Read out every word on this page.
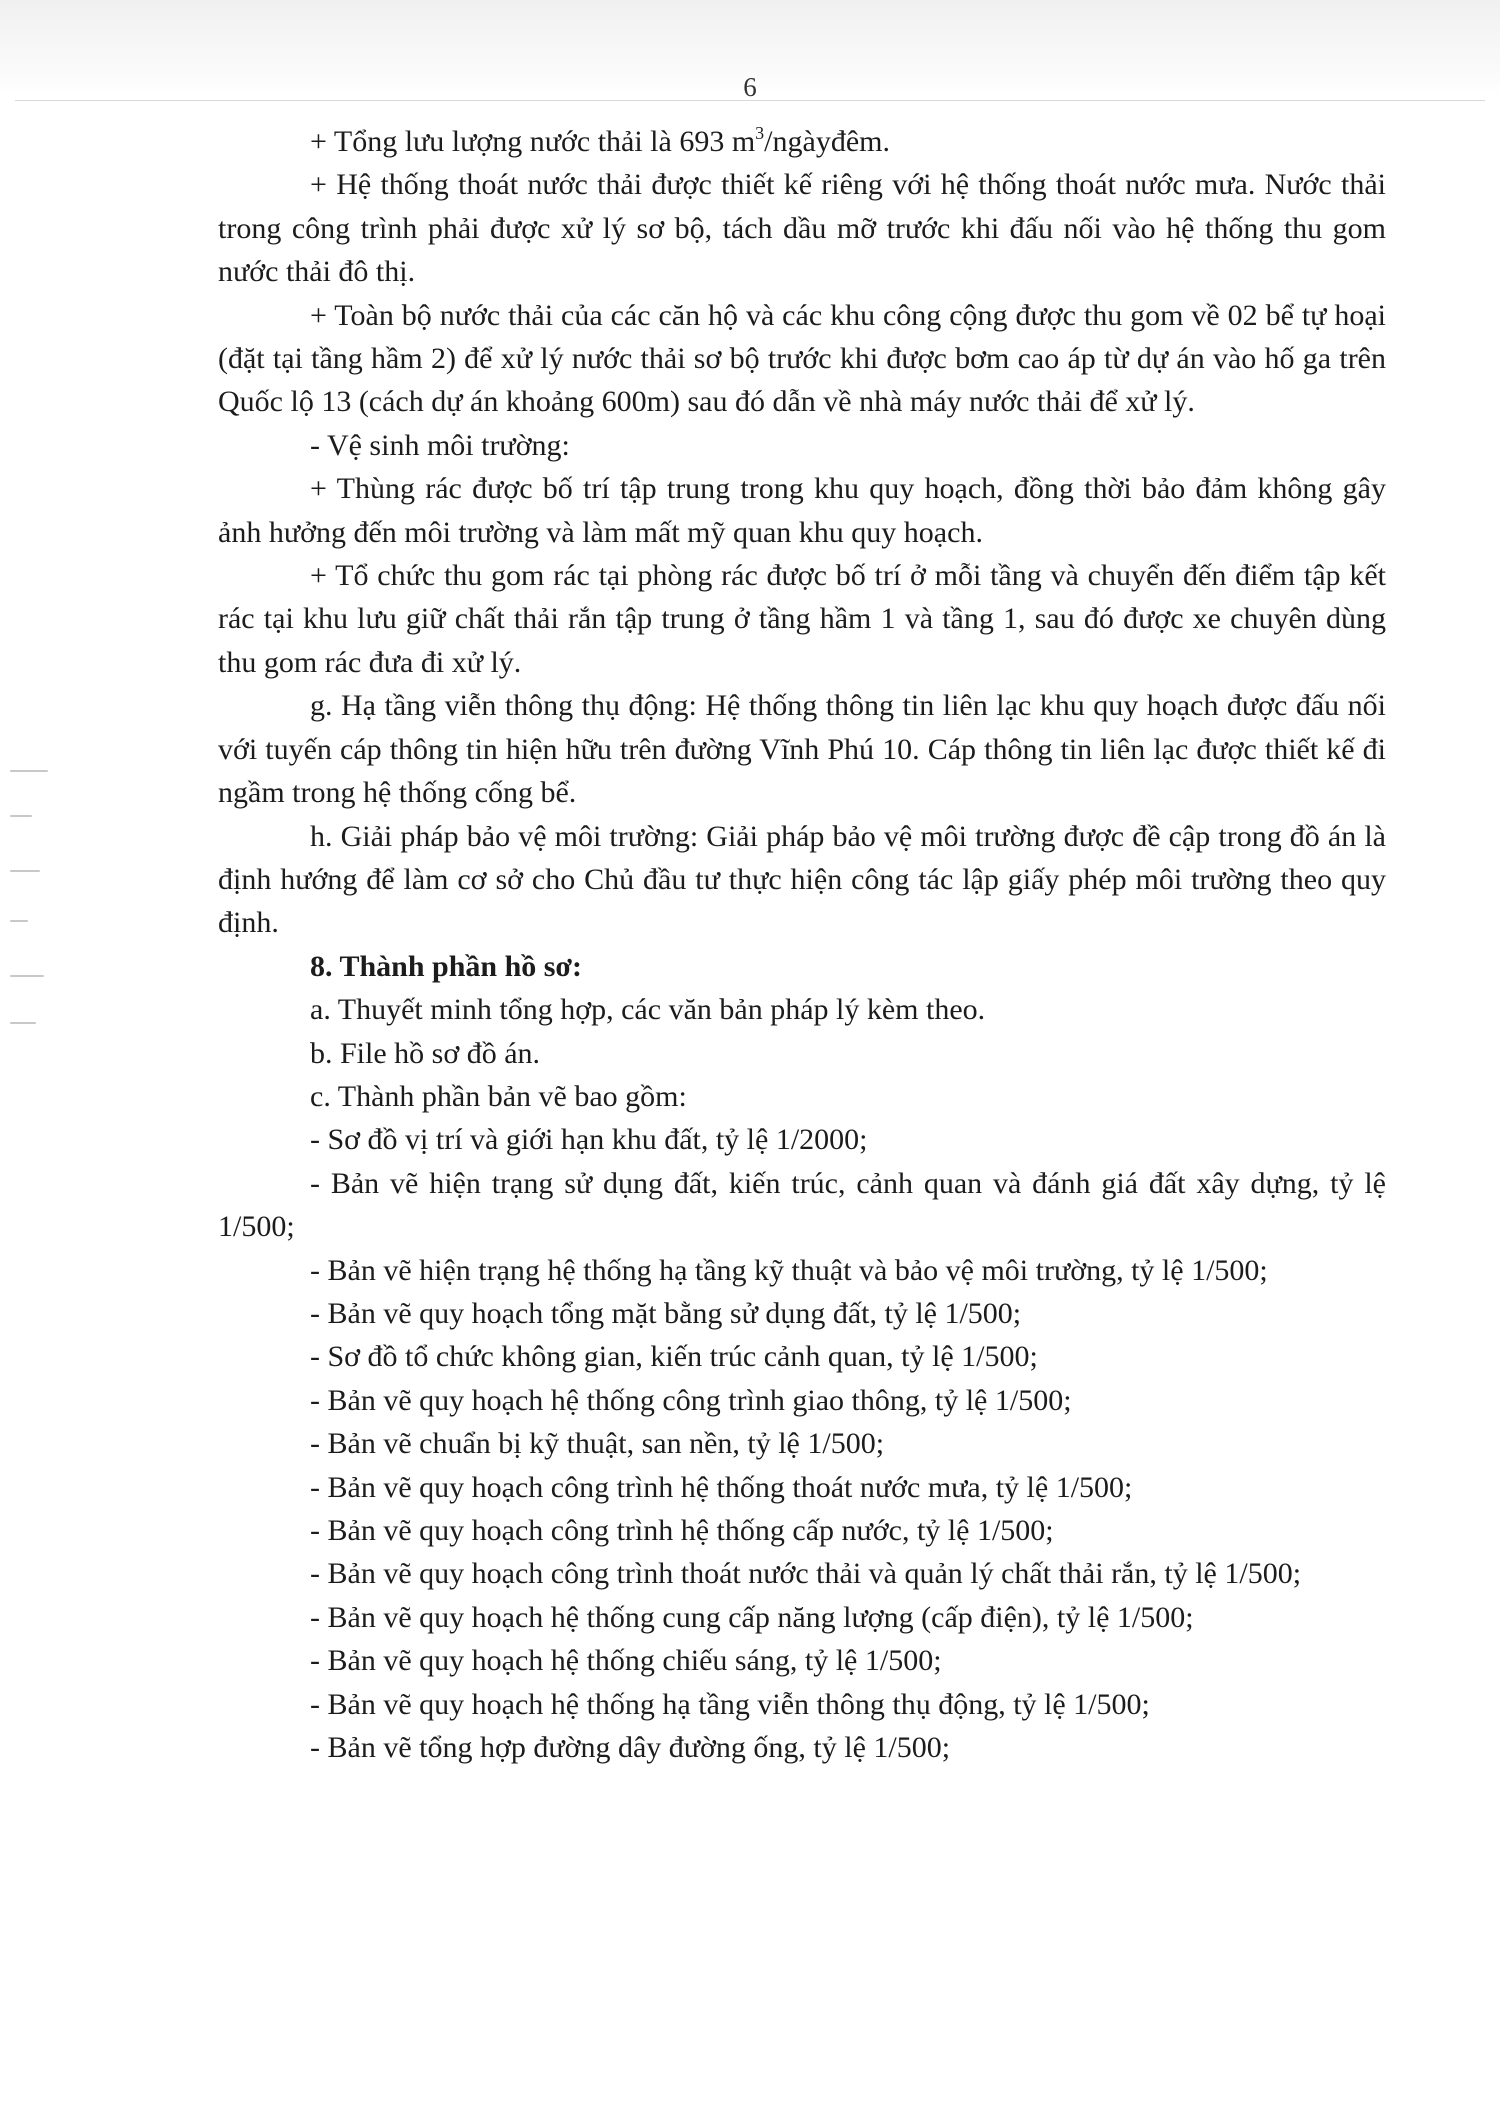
6

+ Tổng lưu lượng nước thải là 693 $m^3$/ngàyđêm.

+ Hệ thống thoát nước thải được thiết kế riêng với hệ thống thoát nước mưa. Nước thải trong công trình phải được xử lý sơ bộ, tách dầu mỡ trước khi đấu nối vào hệ thống thu gom nước thải đô thị.

+ Toàn bộ nước thải của các căn hộ và các khu công cộng được thu gom về 02 bể tự hoại (đặt tại tầng hầm 2) để xử lý nước thải sơ bộ trước khi được bơm cao áp từ dự án vào hố ga trên Quốc lộ 13 (cách dự án khoảng 600m) sau đó dẫn về nhà máy nước thải để xử lý.

- Vệ sinh môi trường:

+ Thùng rác được bố trí tập trung trong khu quy hoạch, đồng thời bảo đảm không gây ảnh hưởng đến môi trường và làm mất mỹ quan khu quy hoạch.

+ Tổ chức thu gom rác tại phòng rác được bố trí ở mỗi tầng và chuyển đến điểm tập kết rác tại khu lưu giữ chất thải rắn tập trung ở tầng hầm 1 và tầng 1, sau đó được xe chuyên dùng thu gom rác đưa đi xử lý.

g. Hạ tầng viễn thông thụ động: Hệ thống thông tin liên lạc khu quy hoạch được đấu nối với tuyến cáp thông tin hiện hữu trên đường Vĩnh Phú 10. Cáp thông tin liên lạc được thiết kế đi ngầm trong hệ thống cống bể.

h. Giải pháp bảo vệ môi trường: Giải pháp bảo vệ môi trường được đề cập trong đồ án là định hướng để làm cơ sở cho Chủ đầu tư thực hiện công tác lập giấy phép môi trường theo quy định.

8. Thành phần hồ sơ:

a. Thuyết minh tổng hợp, các văn bản pháp lý kèm theo.

b. File hồ sơ đồ án.

c. Thành phần bản vẽ bao gồm:

- Sơ đồ vị trí và giới hạn khu đất, tỷ lệ 1/2000;

- Bản vẽ hiện trạng sử dụng đất, kiến trúc, cảnh quan và đánh giá đất xây dựng, tỷ lệ 1/500;

- Bản vẽ hiện trạng hệ thống hạ tầng kỹ thuật và bảo vệ môi trường, tỷ lệ 1/500;

- Bản vẽ quy hoạch tổng mặt bằng sử dụng đất, tỷ lệ 1/500;

- Sơ đồ tổ chức không gian, kiến trúc cảnh quan, tỷ lệ 1/500;

- Bản vẽ quy hoạch hệ thống công trình giao thông, tỷ lệ 1/500;

- Bản vẽ chuẩn bị kỹ thuật, san nền, tỷ lệ 1/500;

- Bản vẽ quy hoạch công trình hệ thống thoát nước mưa, tỷ lệ 1/500;

- Bản vẽ quy hoạch công trình hệ thống cấp nước, tỷ lệ 1/500;

- Bản vẽ quy hoạch công trình thoát nước thải và quản lý chất thải rắn, tỷ lệ 1/500;

- Bản vẽ quy hoạch hệ thống cung cấp năng lượng (cấp điện), tỷ lệ 1/500;

- Bản vẽ quy hoạch hệ thống chiếu sáng, tỷ lệ 1/500;

- Bản vẽ quy hoạch hệ thống hạ tầng viễn thông thụ động, tỷ lệ 1/500;

- Bản vẽ tổng hợp đường dây đường ống, tỷ lệ 1/500;
